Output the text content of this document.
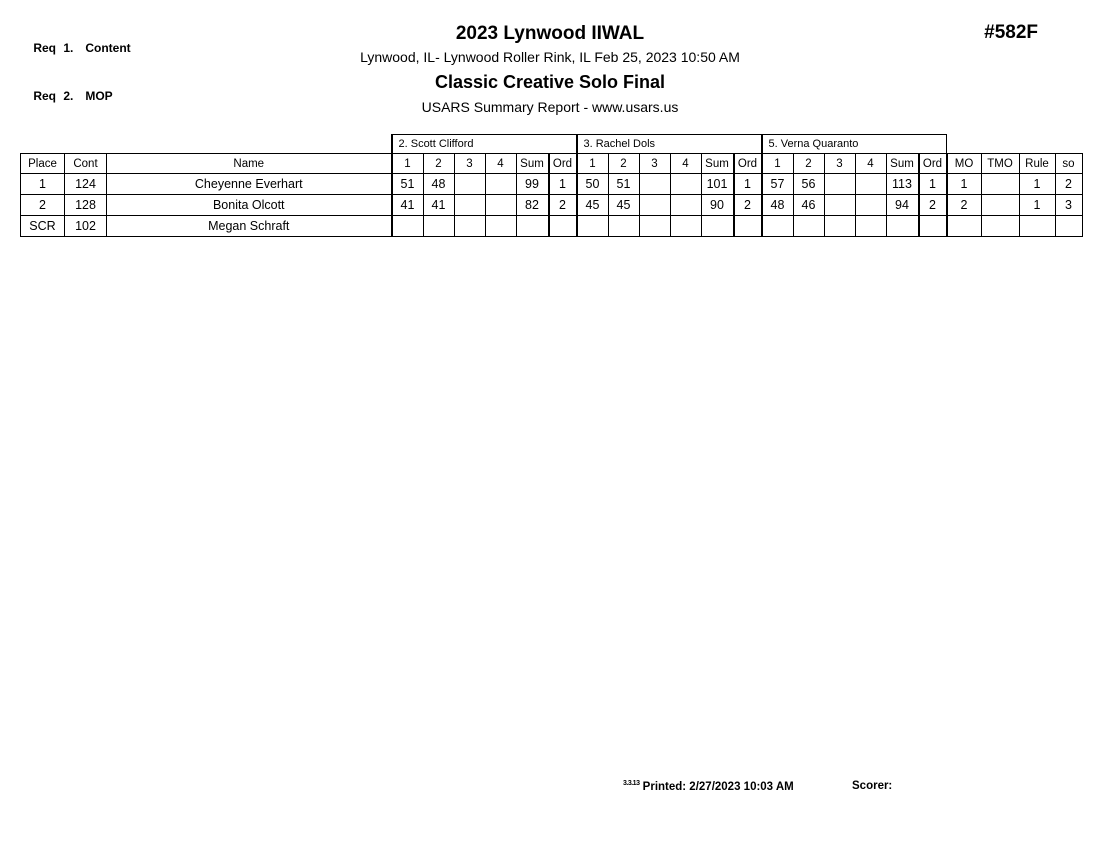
Req 1. Content

Req 2. MOP

2023 Lynwood IIWAL
Lynwood, IL- Lynwood Roller Rink, IL Feb 25, 2023 10:50 AM
Classic Creative Solo Final
USARS Summary Report - www.usars.us
#582F
			2. Scott Clifford						3. Rachel Dols						5. Verna Quaranto									
Place	Cont	Name	1	2	3	4	Sum	Ord	1	2	3	4	Sum	Ord	1	2	3	4	Sum	Ord	MO	TMO	Rule	so
1	124	Cheyenne Everhart	51	48			99	1	50	51			101	1	57	56			113	1	1		1	2
2	128	Bonita Olcott	41	41			82	2	45	45			90	2	48	46			94	2	2		1	3
SCR	102	Megan Schraft																						
$^{3.3.13}$ Printed: 2/27/2023 10:03 AM	Scorer:
